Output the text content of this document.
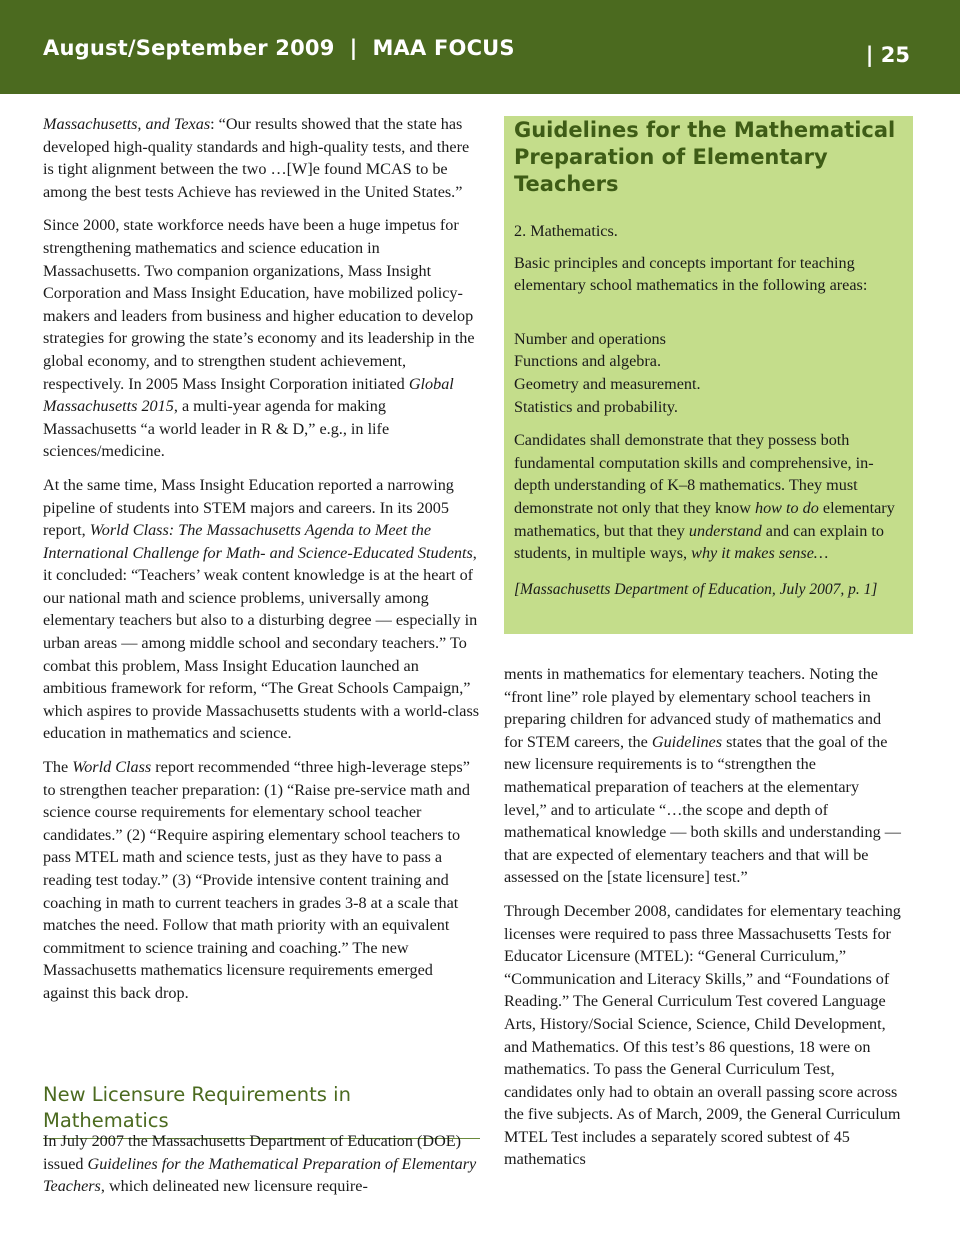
August/September 2009  |  MAA FOCUS	| 25

Massachusetts, and Texas: “Our results showed that the state has developed high-quality standards and high-quality tests, and there is tight alignment between the two …[W]e found MCAS to be among the best tests Achieve has reviewed in the United States.”

Since 2000, state workforce needs have been a huge impetus for strengthening mathematics and science education in Massachusetts. Two companion organizations, Mass Insight Corporation and Mass Insight Education, have mobilized policy-makers and leaders from business and higher education to develop strategies for growing the state’s economy and its leadership in the global economy, and to strengthen student achievement, respectively. In 2005 Mass Insight Corporation initiated Global Massachusetts 2015, a multi-year agenda for making Massachusetts “a world leader in R & D,” e.g., in life sciences/medicine.

At the same time, Mass Insight Education reported a narrowing pipeline of students into STEM majors and careers. In its 2005 report, World Class: The Massachusetts Agenda to Meet the International Challenge for Math- and Science-Educated Students, it concluded: “Teachers’ weak content knowledge is at the heart of our national math and science problems, universally among elementary teachers but also to a disturbing degree — especially in urban areas — among middle school and secondary teachers.” To combat this problem, Mass Insight Education launched an ambitious framework for reform, “The Great Schools Campaign,” which aspires to provide Massachusetts students with a world-class education in mathematics and science.

The World Class report recommended “three high-leverage steps” to strengthen teacher preparation: (1) “Raise pre-service math and science course requirements for elementary school teacher candidates.” (2) “Require aspiring elementary school teachers to pass MTEL math and science tests, just as they have to pass a reading test today.” (3) “Provide intensive content training and coaching in math to current teachers in grades 3-8 at a scale that matches the need. Follow that math priority with an equivalent commitment to science training and coaching.” The new Massachusetts mathematics licensure requirements emerged against this back drop.

New Licensure Requirements in Mathematics
In July 2007 the Massachusetts Department of Education (DOE) issued Guidelines for the Mathematical Preparation of Elementary Teachers, which delineated new licensure require-
Guidelines for the Mathematical Preparation of Elementary Teachers
2. Mathematics.
Basic principles and concepts important for teaching elementary school mathematics in the following areas:
Number and operations
Functions and algebra.
Geometry and measurement.
Statistics and probability.
Candidates shall demonstrate that they possess both fundamental computation skills and comprehensive, in-depth understanding of K–8 mathematics. They must demonstrate not only that they know how to do elementary mathematics, but that they understand and can explain to students, in multiple ways, why it makes sense…
[Massachusetts Department of Education, July 2007, p. 1]

ments in mathematics for elementary teachers. Noting the “front line” role played by elementary school teachers in preparing children for advanced study of mathematics and for STEM careers, the Guidelines states that the goal of the new licensure requirements is to “strengthen the mathematical preparation of teachers at the elementary level,” and to articulate “…the scope and depth of mathematical knowledge — both skills and understanding — that are expected of elementary teachers and that will be assessed on the [state licensure] test.”

Through December 2008, candidates for elementary teaching licenses were required to pass three Massachusetts Tests for Educator Licensure (MTEL): “General Curriculum,” “Communication and Literacy Skills,” and “Foundations of Reading.” The General Curriculum Test covered Language Arts, History/Social Science, Science, Child Development, and Mathematics. Of this test’s 86 questions, 18 were on mathematics. To pass the General Curriculum Test, candidates only had to obtain an overall passing score across the five subjects. As of March, 2009, the General Curriculum MTEL Test includes a separately scored subtest of 45 mathematics
